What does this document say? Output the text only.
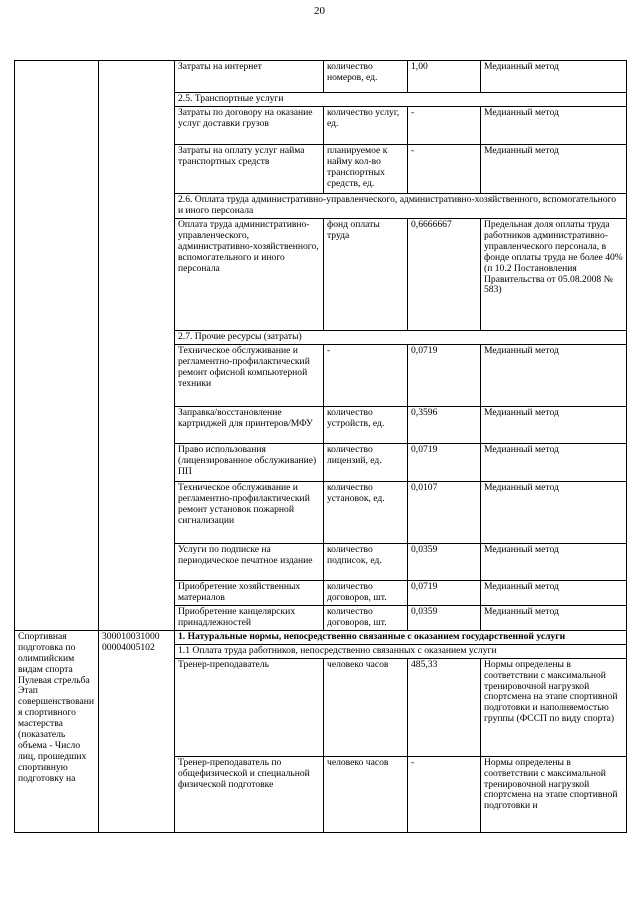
20
		Затраты на интернет	количество номеров, ед.	1,00	Медианный метод
		2.5. Транспортные услуги			
		Затраты по договору на оказание услуг доставки грузов	количество услуг, ед.	-	Медианный метод
		Затраты на оплату услуг найма транспортных средств	планируемое к найму кол-во транспортных средств, ед.	-	Медианный метод
		2.6. Оплата труда административно-управленческого, административно-хозяйственного, вспомогательного и иного персонала			
		Оплата труда административно-управленческого, административно-хозяйственного, вспомогательного и иного персонала	фонд оплаты труда	0,6666667	Предельная доля оплаты труда работников административно-управленческого персонала, в фонде оплаты труда не более 40% (п 10.2 Постановления Правительства от 05.08.2008 № 583)
		2.7. Прочие ресурсы (затраты)			
		Техническое обслуживание и регламентно-профилактический ремонт офисной компьютерной техники	-	0,0719	Медианный метод
		Заправка/восстановление картриджей для принтеров/МФУ	количество устройств, ед.	0,3596	Медианный метод
		Право использования (лицензированное обслуживание) ПП	количество лицензий, ед.	0,0719	Медианный метод
		Техническое обслуживание и регламентно-профилактический ремонт установок пожарной сигнализации	количество установок, ед.	0,0107	Медианный метод
		Услуги по подписке на периодическое печатное издание	количество подписок, ед.	0,0359	Медианный метод
		Приобретение хозяйственных материалов	количество договоров, шт.	0,0719	Медианный метод
		Приобретение канцелярских принадлежностей	количество договоров, шт.	0,0359	Медианный метод
Спортивная подготовка по олимпийским видам спорта Пулевая стрельба Этап совершенствования спортивного мастерства (показатель объема - Число лиц, прошедших спортивную подготовку на	300010031000 00004005102	1. Натуральные нормы, непосредственно связанные с оказанием государственной услуги			
		1.1 Оплата труда работников, непосредственно связанных с оказанием услуги			
		Тренер-преподаватель	человеко часов	485,33	Нормы определены в соответствии с максимальной тренировочной нагрузкой спортсмена на этапе спортивной подготовки и наполняемостью группы (ФССП по виду спорта)
		Тренер-преподаватель по общефизической и специальной физической подготовке	человеко часов	-	Нормы определены в соответствии с максимальной тренировочной нагрузкой спортсмена на этапе спортивной подготовки и
